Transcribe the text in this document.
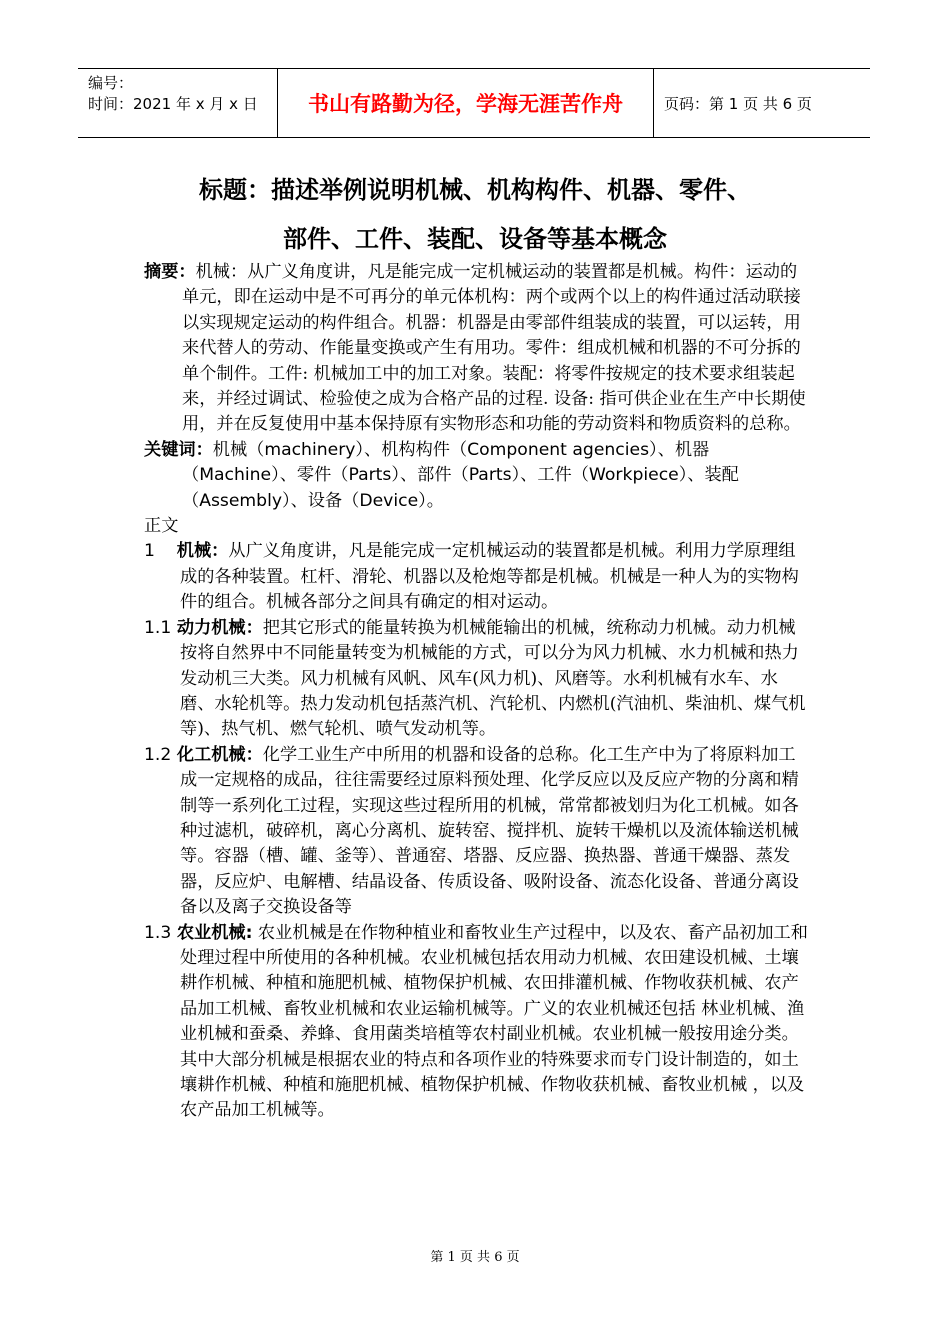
编号：
时间：2021 年 x 月 x 日	书山有路勤为径，学海无涯苦作舟	页码：第 1 页 共 6 页
标题：描述举例说明机械、机构构件、机器、零件、
部件、工件、装配、设备等基本概念

摘要：机械：从广义角度讲，凡是能完成一定机械运动的装置都是机械。构件：运动的单元，即在运动中是不可再分的单元体机构：两个或两个以上的构件通过活动联接以实现规定运动的构件组合。机器：机器是由零部件组装成的装置，可以运转，用来代替人的劳动、作能量变换或产生有用功。零件：组成机械和机器的不可分拆的单个制件。工件: 机械加工中的加工对象。装配：将零件按规定的技术要求组装起来，并经过调试、检验使之成为合格产品的过程. 设备: 指可供企业在生产中长期使用，并在反复使用中基本保持原有实物形态和功能的劳动资料和物质资料的总称。

关键词：机械（machinery）、机构构件（Component agencies）、机器（Machine）、零件（Parts）、部件（Parts）、工件（Workpiece）、装配（Assembly）、设备（Device）。

正文

1 机械：从广义角度讲，凡是能完成一定机械运动的装置都是机械。利用力学原理组成的各种装置。杠杆、滑轮、机器以及枪炮等都是机械。机械是一种人为的实物构件的组合。机械各部分之间具有确定的相对运动。

1.1 动力机械：把其它形式的能量转换为机械能输出的机械，统称动力机械。动力机械按将自然界中不同能量转变为机械能的方式，可以分为风力机械、水力机械和热力发动机三大类。风力机械有风帆、风车(风力机)、风磨等。水利机械有水车、水磨、水轮机等。热力发动机包括蒸汽机、汽轮机、内燃机(汽油机、柴油机、煤气机等)、热气机、燃气轮机、喷气发动机等。

1.2 化工机械：化学工业生产中所用的机器和设备的总称。化工生产中为了将原料加工成一定规格的成品，往往需要经过原料预处理、化学反应以及反应产物的分离和精制等一系列化工过程，实现这些过程所用的机械，常常都被划归为化工机械。如各种过滤机，破碎机，离心分离机、旋转窑、搅拌机、旋转干燥机以及流体输送机械等。容器（槽、罐、釜等）、普通窑、塔器、反应器、换热器、普通干燥器、蒸发器，反应炉、电解槽、结晶设备、传质设备、吸附设备、流态化设备、普通分离设备以及离子交换设备等

1.3 农业机械: 农业机械是在作物种植业和畜牧业生产过程中，以及农、畜产品初加工和处理过程中所使用的各种机械。农业机械包括农用动力机械、农田建设机械、土壤耕作机械、种植和施肥机械、植物保护机械、农田排灌机械、作物收获机械、农产品加工机械、畜牧业机械和农业运输机械等。广义的农业机械还包括 林业机械、渔业机械和蚕桑、养蜂、食用菌类培植等农村副业机械。农业机械一般按用途分类。其中大部分机械是根据农业的特点和各项作业的特殊要求而专门设计制造的，如土壤耕作机械、种植和施肥机械、植物保护机械、作物收获机械、畜牧业机械 ，以及农产品加工机械等。

第 1 页 共 6 页
